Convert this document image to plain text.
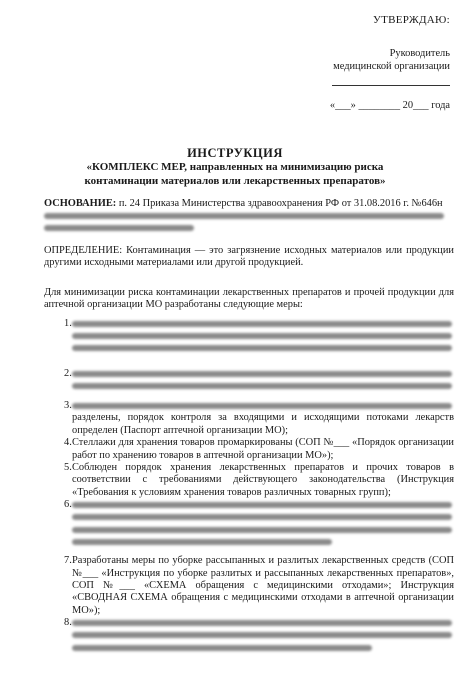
УТВЕРЖДАЮ:
Руководитель
медицинской организации
«___» ________ 20___ года
ИНСТРУКЦИЯ
«КОМПЛЕКС МЕР, направленных на минимизацию риска
контаминации материалов или лекарственных препаратов»
ОСНОВАНИЕ: п. 24 Приказа Министерства здравоохранения РФ от 31.08.2016 г. №646н
ОПРЕДЕЛЕНИЕ: Контаминация — это загрязнение исходных материалов или продукции другими исходными материалами или другой продукцией.
Для минимизации риска контаминации лекарственных препаратов и прочей продукции для аптечной организации МО разработаны следующие меры:
1.
2.
3.
разделены, порядок контроля за входящими и исходящими потоками лекарств определен (Паспорт аптечной организации МО);
4. Стеллажи для хранения товаров промаркированы (СОП №___ «Порядок организации работ по хранению товаров в аптечной организации МО»);
5. Соблюден порядок хранения лекарственных препаратов и прочих товаров в соответствии с требованиями действующего законодательства (Инструкция «Требования к условиям хранения товаров различных товарных групп);
6.
7. Разработаны меры по уборке рассыпанных и разлитых лекарственных средств (СОП №___ «Инструкция по уборке разлитых и рассыпанных лекарственных препаратов», СОП №___ «СХЕМА обращения с медицинскими отходами»; Инструкция «СВОДНАЯ СХЕМА обращения с медицинскими отходами в аптечной организации МО»);
8.
